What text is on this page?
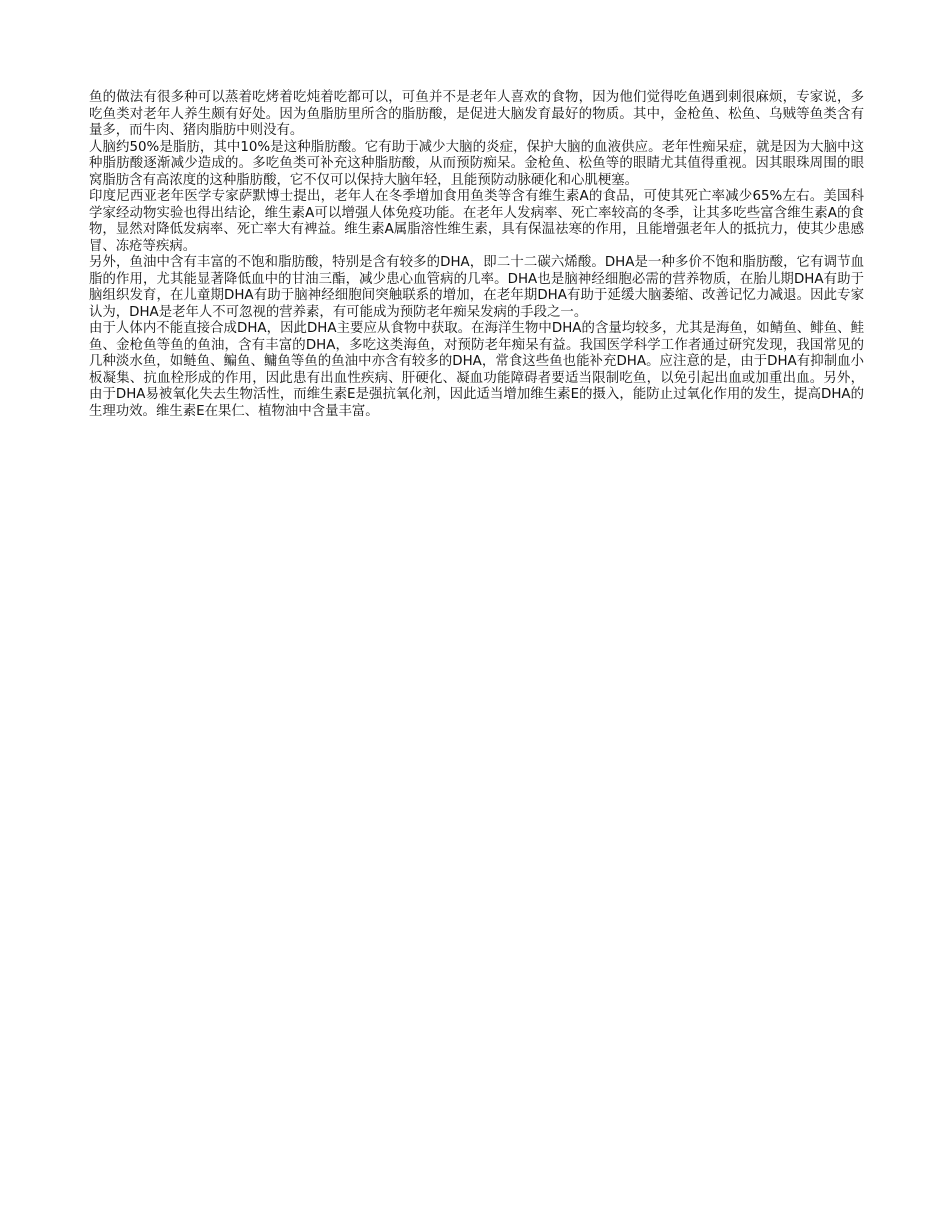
鱼的做法有很多种可以蒸着吃烤着吃炖着吃都可以，可鱼并不是老年人喜欢的食物，因为他们觉得吃鱼遇到刺很麻烦，专家说，多吃鱼类对老年人养生颇有好处。因为鱼脂肪里所含的脂肪酸，是促进大脑发育最好的物质。其中，金枪鱼、松鱼、乌贼等鱼类含有量多，而牛肉、猪肉脂肪中则没有。

人脑约50%是脂肪，其中10%是这种脂肪酸。它有助于减少大脑的炎症，保护大脑的血液供应。老年性痴呆症，就是因为大脑中这种脂肪酸逐渐减少造成的。多吃鱼类可补充这种脂肪酸，从而预防痴呆。金枪鱼、松鱼等的眼睛尤其值得重视。因其眼珠周围的眼窝脂肪含有高浓度的这种脂肪酸，它不仅可以保持大脑年轻，且能预防动脉硬化和心肌梗塞。

印度尼西亚老年医学专家萨默博士提出，老年人在冬季增加食用鱼类等含有维生素A的食品，可使其死亡率减少65%左右。美国科学家经动物实验也得出结论，维生素A可以增强人体免疫功能。在老年人发病率、死亡率较高的冬季，让其多吃些富含维生素A的食物，显然对降低发病率、死亡率大有裨益。维生素A属脂溶性维生素，具有保温祛寒的作用，且能增强老年人的抵抗力，使其少患感冒、冻疮等疾病。

另外，鱼油中含有丰富的不饱和脂肪酸，特别是含有较多的DHA，即二十二碳六烯酸。DHA是一种多价不饱和脂肪酸，它有调节血脂的作用，尤其能显著降低血中的甘油三酯，减少患心血管病的几率。DHA也是脑神经细胞必需的营养物质，在胎儿期DHA有助于脑组织发育，在儿童期DHA有助于脑神经细胞间突触联系的增加，在老年期DHA有助于延缓大脑萎缩、改善记忆力减退。因此专家认为，DHA是老年人不可忽视的营养素，有可能成为预防老年痴呆发病的手段之一。

由于人体内不能直接合成DHA，因此DHA主要应从食物中获取。在海洋生物中DHA的含量均较多，尤其是海鱼，如鲭鱼、鲱鱼、鲑鱼、金枪鱼等鱼的鱼油，含有丰富的DHA，多吃这类海鱼，对预防老年痴呆有益。我国医学科学工作者通过研究发现，我国常见的几种淡水鱼，如鲢鱼、鳊鱼、鳙鱼等鱼的鱼油中亦含有较多的DHA，常食这些鱼也能补充DHA。应注意的是，由于DHA有抑制血小板凝集、抗血栓形成的作用，因此患有出血性疾病、肝硬化、凝血功能障碍者要适当限制吃鱼，以免引起出血或加重出血。另外，由于DHA易被氧化失去生物活性，而维生素E是强抗氧化剂，因此适当增加维生素E的摄入，能防止过氧化作用的发生，提高DHA的生理功效。维生素E在果仁、植物油中含量丰富。
